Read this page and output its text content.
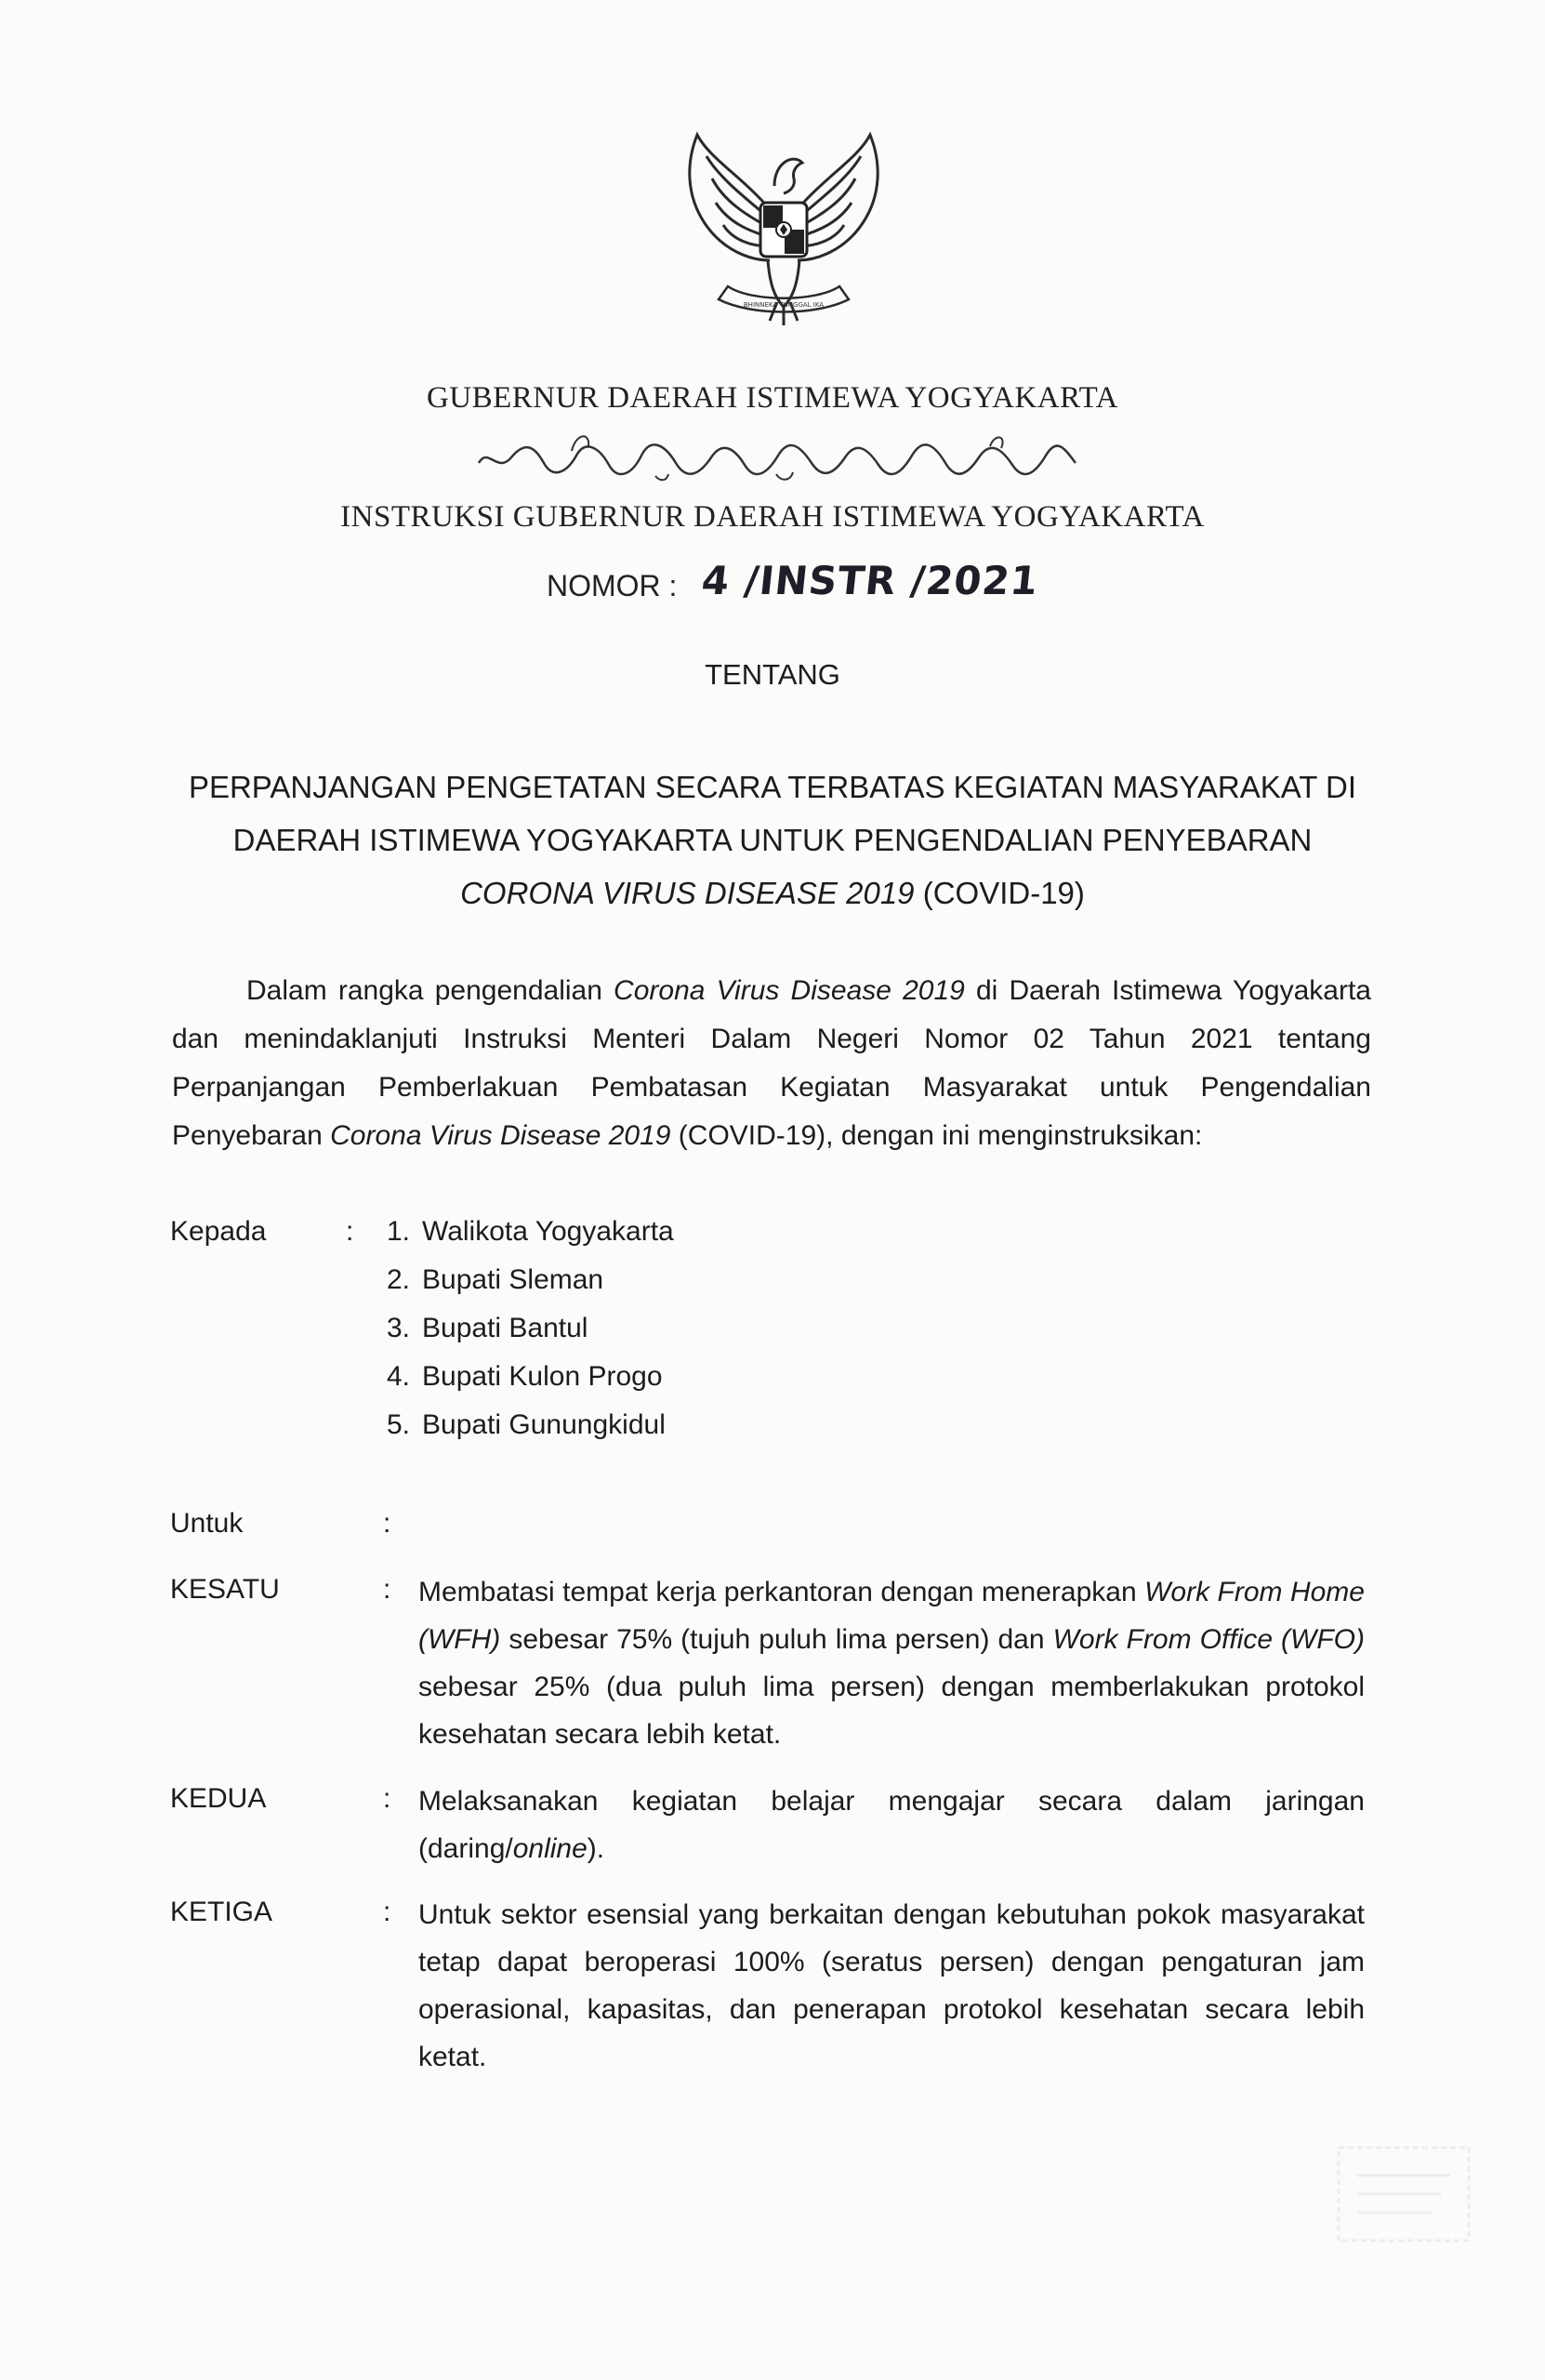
BHINNEKA TUNGGAL IKA
GUBERNUR DAERAH ISTIMEWA YOGYAKARTA
ꦓꦸꦧꦺꦂꦤꦸꦂꦢꦲꦺꦫꦃꦆꦱ꧀ꦠꦶꦩꦺꦮꦔꦪꦺꦴꦓꦾꦏꦂꦠ
INSTRUKSI GUBERNUR DAERAH ISTIMEWA YOGYAKARTA
NOMOR : 4 /INSTR /2021
TENTANG
PERPANJANGAN PENGETATAN SECARA TERBATAS KEGIATAN MASYARAKAT DI
DAERAH ISTIMEWA YOGYAKARTA UNTUK PENGENDALIAN PENYEBARAN
CORONA VIRUS DISEASE 2019 (COVID-19)
Dalam rangka pengendalian Corona Virus Disease 2019 di Daerah Istimewa Yogyakarta dan menindaklanjuti Instruksi Menteri Dalam Negeri Nomor 02 Tahun 2021 tentang Perpanjangan Pemberlakuan Pembatasan Kegiatan Masyarakat untuk Pengendalian Penyebaran Corona Virus Disease 2019 (COVID-19), dengan ini menginstruksikan:
Kepada	: 1. Walikota Yogyakarta
2. Bupati Sleman
3. Bupati Bantul
4. Bupati Kulon Progo
5. Bupati Gunungkidul
Untuk	:
KESATU	: Membatasi tempat kerja perkantoran dengan menerapkan Work From Home (WFH) sebesar 75% (tujuh puluh lima persen) dan Work From Office (WFO) sebesar 25% (dua puluh lima persen) dengan memberlakukan protokol kesehatan secara lebih ketat.
KEDUA	: Melaksanakan kegiatan belajar mengajar secara dalam jaringan (daring/online).
KETIGA	: Untuk sektor esensial yang berkaitan dengan kebutuhan pokok masyarakat tetap dapat beroperasi 100% (seratus persen) dengan pengaturan jam operasional, kapasitas, dan penerapan protokol kesehatan secara lebih ketat.
